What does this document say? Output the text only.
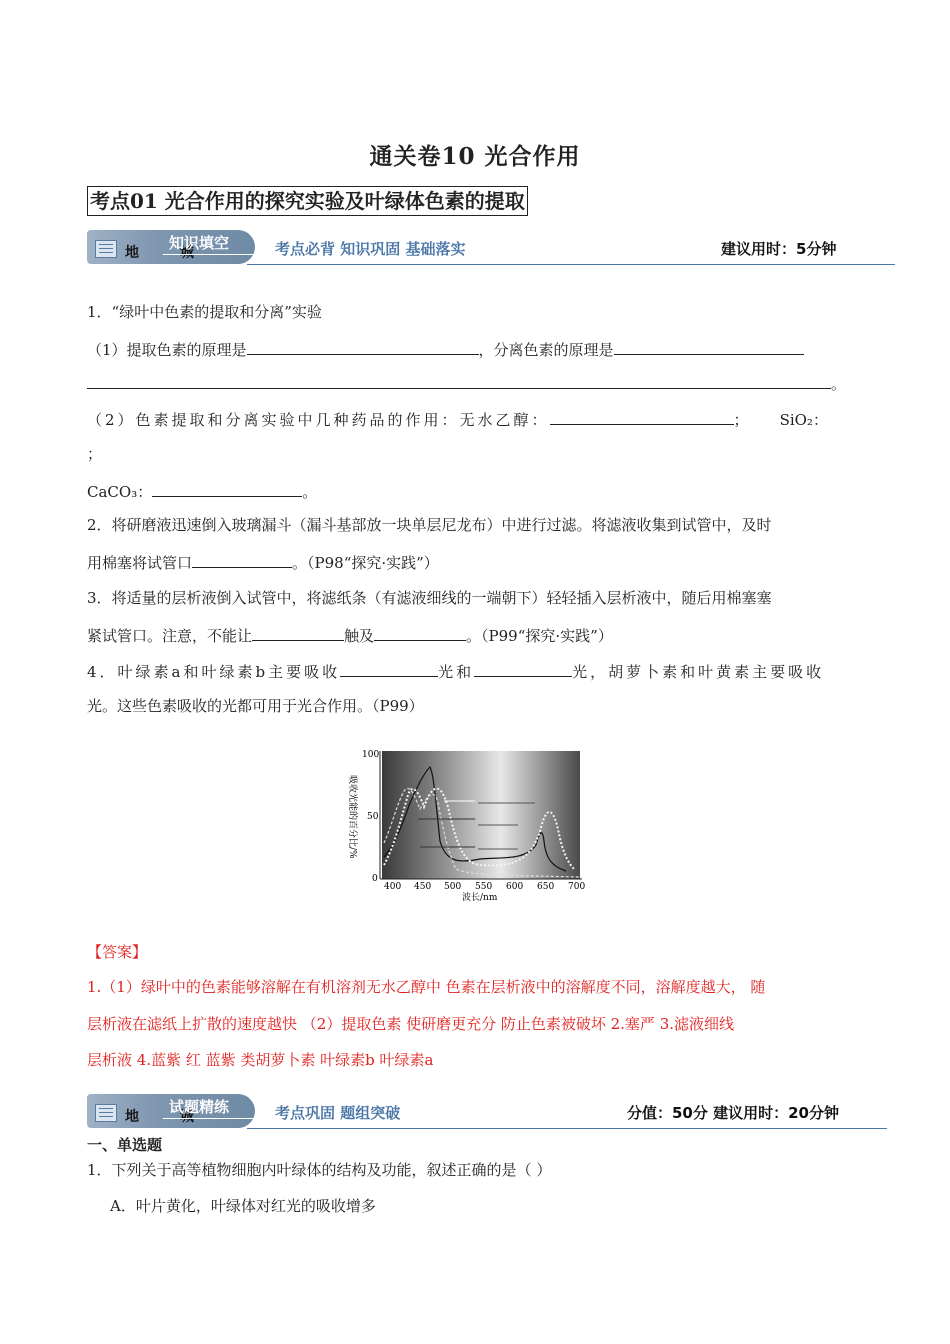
通关卷10 光合作用
考点01 光合作用的探究实验及叶绿体色素的提取
地 城
知识填空	考点必背 知识巩固 基础落实	建议用时：5分钟
1．“绿叶中色素的提取和分离”实验
（1）提取色素的原理是	，分离色素的原理是
。
（2）色素提取和分离实验中几种药品的作用：无水乙醇：	； SiO₂：
；
CaCO₃：	。
2．将研磨液迅速倒入玻璃漏斗（漏斗基部放一块单层尼龙布）中进行过滤。将滤液收集到试管中，及时
用棉塞将试管口	。（P98“探究·实践”）
3．将适量的层析液倒入试管中，将滤纸条（有滤液细线的一端朝下）轻轻插入层析液中，随后用棉塞塞
紧试管口。注意，不能让	触及	。（P99“探究·实践”）
4．叶绿素a和叶绿素b主要吸收	光和	光，胡萝卜素和叶黄素主要吸收
光。这些色素吸收的光都可用于光合作用。（P99）
100
50
0
吸收光能的百分比/%
400 450 500 550 600 650 700
波长/nm
【答案】
1.（1）绿叶中的色素能够溶解在有机溶剂无水乙醇中 色素在层析液中的溶解度不同，溶解度越大， 随
层析液在滤纸上扩散的速度越快 （2）提取色素 使研磨更充分 防止色素被破坏 2.塞严 3.滤液细线
层析液 4.蓝紫 红 蓝紫 类胡萝卜素 叶绿素b 叶绿素a
地 城
试题精练	考点巩固 题组突破	分值：50分 建议用时：20分钟
一、单选题
1．下列关于高等植物细胞内叶绿体的结构及功能，叙述正确的是（ ）
A．叶片黄化，叶绿体对红光的吸收增多
